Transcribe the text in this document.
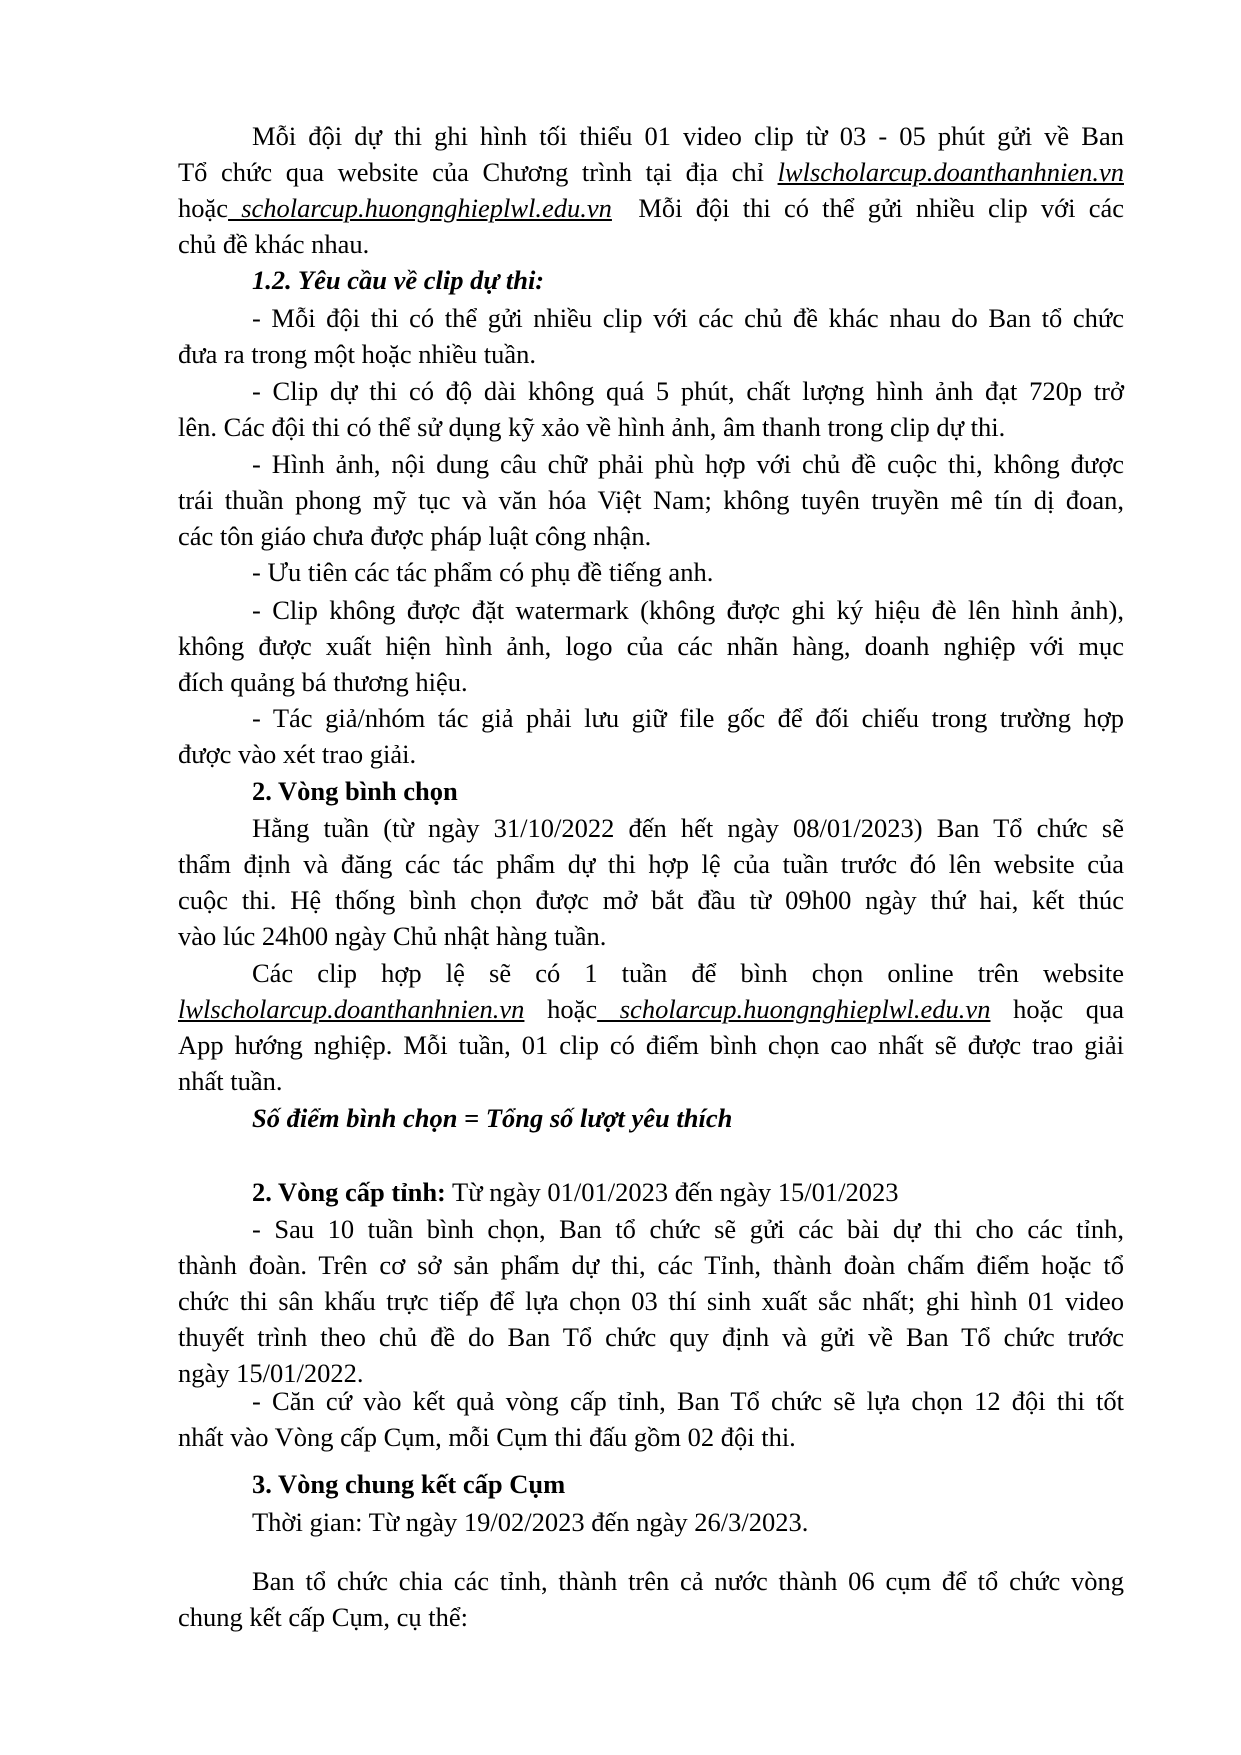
Mỗi đội dự thi ghi hình tối thiểu 01 video clip từ 03 - 05 phút gửi về Ban
Tổ chức qua website của Chương trình tại địa chỉ lwlscholarcup.doanthanhnien.vn
hoặc scholarcup.huongnghieplwl.edu.vn Mỗi đội thi có thể gửi nhiều clip với các
chủ đề khác nhau.
1.2. Yêu cầu về clip dự thi:
- Mỗi đội thi có thể gửi nhiều clip với các chủ đề khác nhau do Ban tổ chức
đưa ra trong một hoặc nhiều tuần.
- Clip dự thi có độ dài không quá 5 phút, chất lượng hình ảnh đạt 720p trở
lên. Các đội thi có thể sử dụng kỹ xảo về hình ảnh, âm thanh trong clip dự thi.
- Hình ảnh, nội dung câu chữ phải phù hợp với chủ đề cuộc thi, không được
trái thuần phong mỹ tục và văn hóa Việt Nam; không tuyên truyền mê tín dị đoan,
các tôn giáo chưa được pháp luật công nhận.
- Ưu tiên các tác phẩm có phụ đề tiếng anh.
- Clip không được đặt watermark (không được ghi ký hiệu đè lên hình ảnh),
không được xuất hiện hình ảnh, logo của các nhãn hàng, doanh nghiệp với mục
đích quảng bá thương hiệu.
- Tác giả/nhóm tác giả phải lưu giữ file gốc để đối chiếu trong trường hợp
được vào xét trao giải.
2. Vòng bình chọn
Hằng tuần (từ ngày 31/10/2022 đến hết ngày 08/01/2023) Ban Tổ chức sẽ
thẩm định và đăng các tác phẩm dự thi hợp lệ của tuần trước đó lên website của
cuộc thi. Hệ thống bình chọn được mở bắt đầu từ 09h00 ngày thứ hai, kết thúc
vào lúc 24h00 ngày Chủ nhật hàng tuần.
Các clip hợp lệ sẽ có 1 tuần để bình chọn online trên website
lwlscholarcup.doanthanhnien.vn hoặc scholarcup.huongnghieplwl.edu.vn hoặc qua
App hướng nghiệp. Mỗi tuần, 01 clip có điểm bình chọn cao nhất sẽ được trao giải
nhất tuần.
Số điểm bình chọn = Tổng số lượt yêu thích
2. Vòng cấp tỉnh: Từ ngày 01/01/2023 đến ngày 15/01/2023
- Sau 10 tuần bình chọn, Ban tổ chức sẽ gửi các bài dự thi cho các tỉnh,
thành đoàn. Trên cơ sở sản phẩm dự thi, các Tỉnh, thành đoàn chấm điểm hoặc tổ
chức thi sân khấu trực tiếp để lựa chọn 03 thí sinh xuất sắc nhất; ghi hình 01 video
thuyết trình theo chủ đề do Ban Tổ chức quy định và gửi về Ban Tổ chức trước
ngày 15/01/2022.
- Căn cứ vào kết quả vòng cấp tỉnh, Ban Tổ chức sẽ lựa chọn 12 đội thi tốt
nhất vào Vòng cấp Cụm, mỗi Cụm thi đấu gồm 02 đội thi.
3. Vòng chung kết cấp Cụm
Thời gian: Từ ngày 19/02/2023 đến ngày 26/3/2023.
Ban tổ chức chia các tỉnh, thành trên cả nước thành 06 cụm để tổ chức vòng
chung kết cấp Cụm, cụ thể:
